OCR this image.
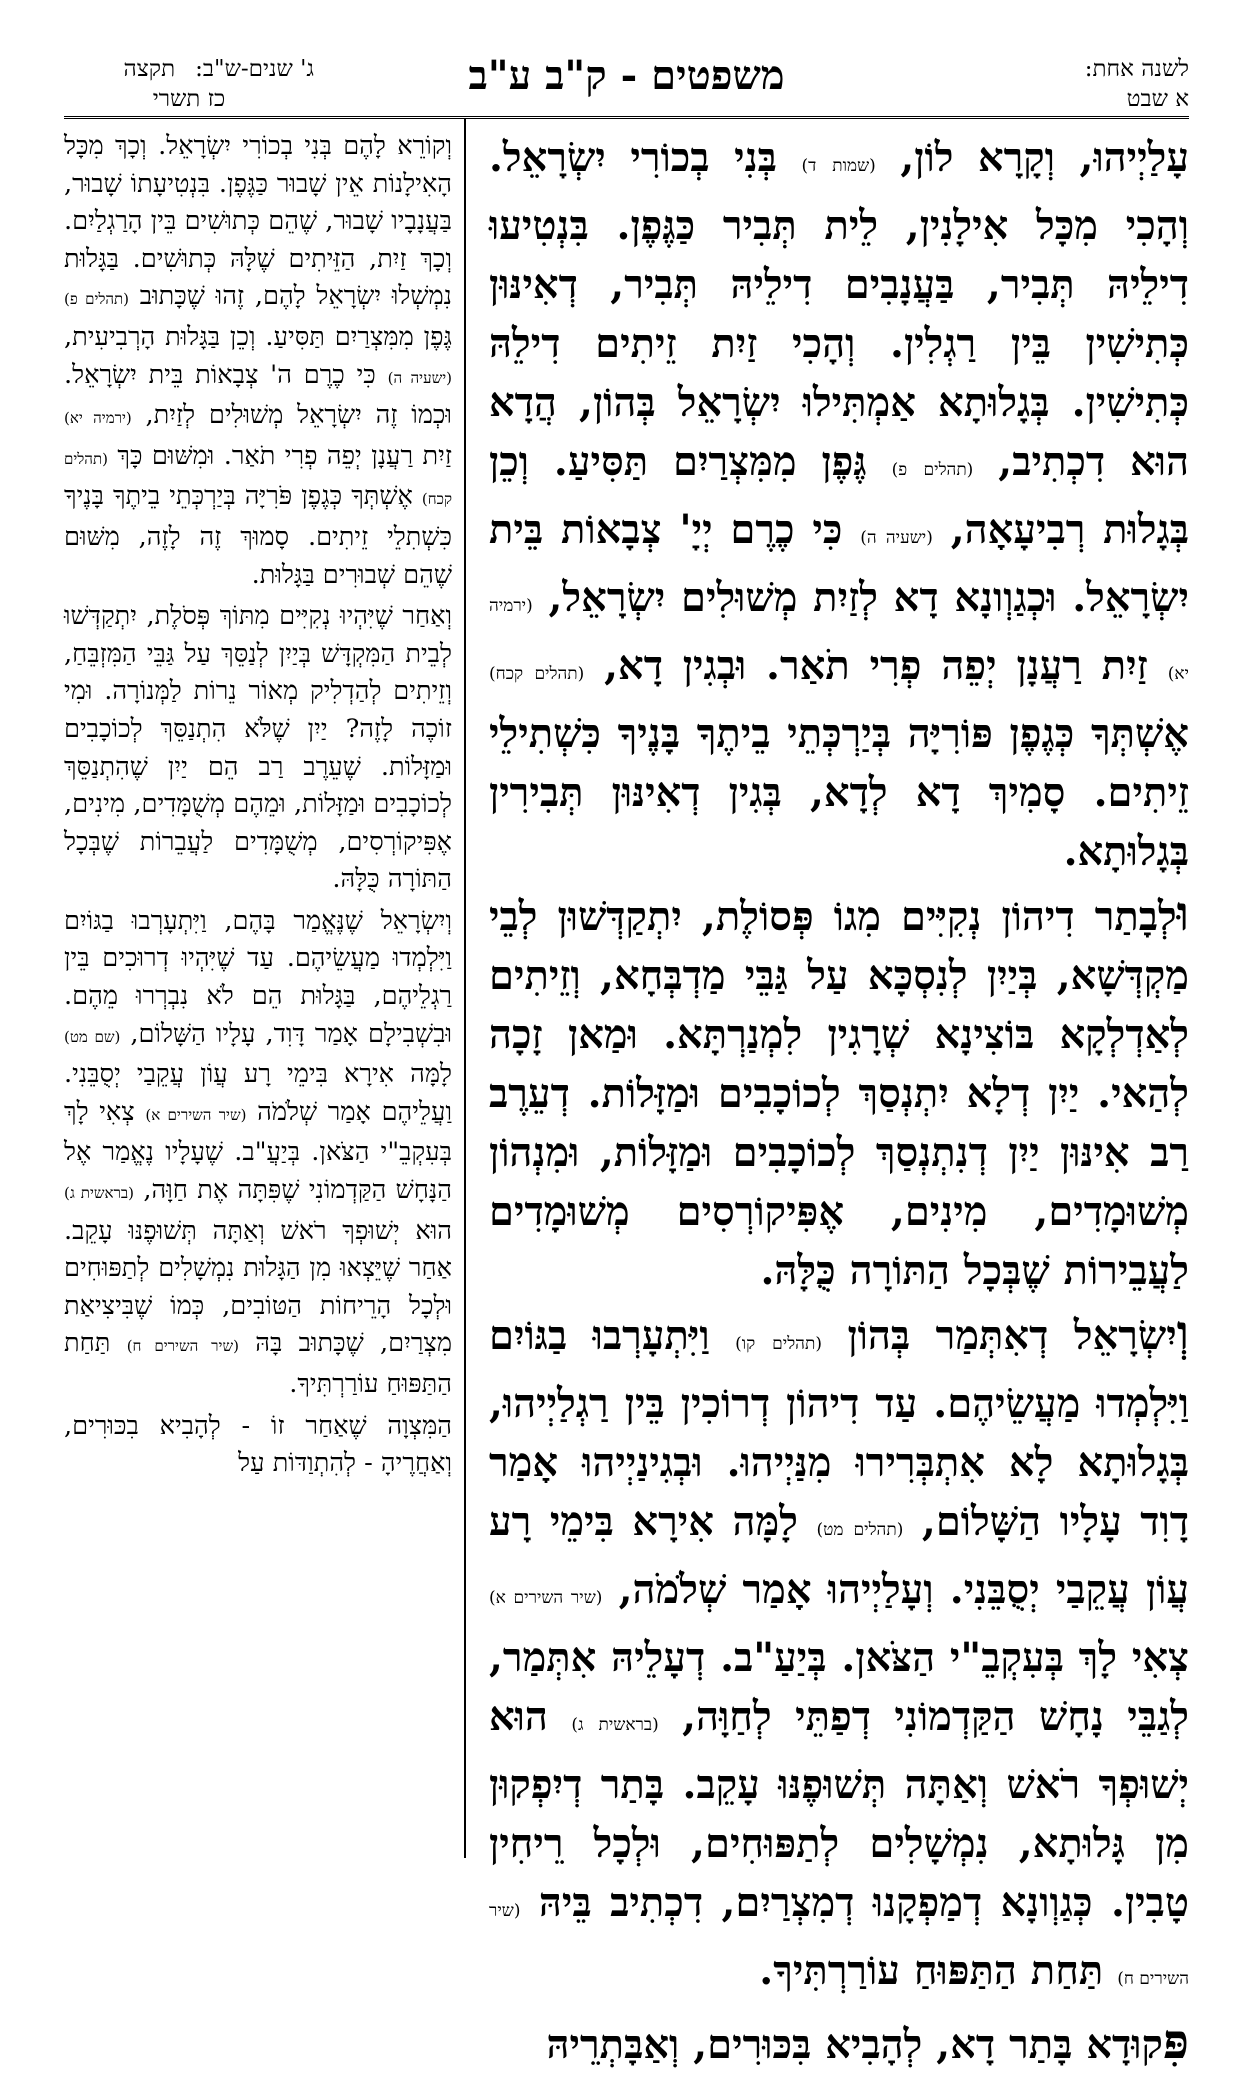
לשנה אחת:
א שבט
משפטים - ק"ב ע"ב
ג' שנים-ש"ב:
תקצה
כז תשרי

עָלַיְיהוּ, וְקָרָא לוֹן, (שמות ד) בְּנִי בְכוֹרִי יִשְׂרָאֵל. וְהָכִי מִכָּל אִילָנִין, לֵית תְּבִיר כַּגֶּפֶן. בִּנְטִיעוּ דִילֵיהּ תְּבִיר, בַּעֲנָבִים דִילֵיהּ תְּבִיר, דְאִינּוּן כְּתִישִׁין בֵּין רַגְלִין. וְהָכִי זַיִת זֵיתִים דִילֵהּ כְּתִישִׁין. בְּגָלוּתָא אַמְתִּילוּ יִשְׂרָאֵל בְּהוֹן, הֲדָא הוּא דִכְתִיב, (תהלים פ) גֶּפֶן מִמִּצְרַיִם תַּסִּיעַ. וְכֵן בְּגָלוּת רְבִיעָאָה, (ישעיה ה) כִּי כֶרֶם יְיָ' צְבָאוֹת בֵּית יִשְׂרָאֵל. וּכְגַוְונָא דָא לְזַיִת מְשׁוּלִים יִשְׂרָאֵל, (ירמיה יא) זַיִת רַעֲנָן יְפֵה פְרִי תֹאַר. וּבְגִין דָא, (תהלים קכח) אֶשְׁתְּךָ כְּגֶפֶן פּוֹרִיָּה בְּיַרְכְּתֵי בֵיתֶךָ בָּנֶיךָ כִּשְׁתִילֵי זֵיתִים. סָמִיךְ דָא לְדָא, בְּגִין דְאִינּוּן תְּבִירִין בְּגָלוּתָא.

וּלְבָתַר דִיהוֹן נְקִיִּים מִגוֹ פְּסוֹלֶת, יִתְקַדְּשׁוּן לְבֵי מַקְדְּשָׁא, בְּיַיִן לְנִסְכָּא עַל גַּבֵּי מַדְבְּחָא, וְזֵיתִים לְאַדְלְקָא בּוֹצִינָא שְׁרָגִין לִמְנַרְתָּא. וּמַאן זָכָה לְהַאי. יַיִן דְלָא יִתְנְסַךְ לְכוֹכָבִים וּמַזָּלוֹת. דְעֵרֶב רַב אִינּוּן יַיִן דְנִתְנְסַךְ לְכוֹכָבִים וּמַזָּלוֹת, וּמִנְהוֹן מְשׁוּמָדִים, מִינִים, אֶפִּיקוֹרְסִים מְשׁוּמָדִים לַעֲבֵירוֹת שֶׁבְּכָל הַתּוֹרָה כֻּלָּהּ.

וְיִשְׂרָאֵל דְאִתְּמַר בְּהוֹן (תהלים קו) וַיִּתְעָרְבוּ בַגּוֹיִם וַיִּלְמְדוּ מַעֲשֵׂיהֶם. עַד דִיהוֹן דְרוֹכִין בֵּין רַגְלַיְיהוּ, בְּגָלוּתָא לָא אִתְבְּרִירוּ מִנַּיְיהוּ. וּבְגִינַיְיהוּ אָמַר דָוִד עָלָיו הַשָּׁלוֹם, (תהלים מט) לָמָּה אִירָא בִּימֵי רָע עֲוֹן עֲקֵבַי יְסֻבֵּנִי. וְעָלַיְיהוּ אָמַר שְׁלֹמֹה, (שיר השירים א) צְאִי לָךְ בְּעִקְבֵ"י הַצֹּאן. בְּיַעַ"ב. דְעָלֵיהּ אִתְּמַר, לְגַבֵּי נָחָשׁ הַקַּדְמוֹנִי דְפַתֵּי לְחַוָּה, (בראשית ג) הוּא יְשׁוּפְךָ רֹאשׁ וְאַתָּה תְּשׁוּפֶנּוּ עָקֵב. בָּתַר דְיִפְקוּן מִן גָּלוּתָא, נִמְשָׁלִים לְתַפּוּחִים, וּלְכָל רֵיחִין טָבִין. כְּגַוְונָא דְמַפְקָנוּ דְמִצְרַיִם, דִכְתִיב בֵּיהּ (שיר השירים ח) תַּחַת הַתַּפּוּחַ עוֹרַרְתִּיךָ.

פִּקוּדָא בָּתַר דָא, לְהָבִיא בִּכּוּרִים, וְאַבָּתְרֵיהּ

וְקוֹרֵא לָהֶם בְּנִי בְכוֹרִי יִשְׂרָאֵל. וְכָךְ מִכָּל הָאִילָנוֹת אֵין שָׁבוּר כַּגֶּפֶן. בִּנְטִיעָתוֹ שָׁבוּר, בַּעֲנָבָיו שָׁבוּר, שֶׁהֵם כְּתוּשִׁים בֵּין הָרַגְלַיִם. וְכָךְ זַיִת, הַזֵּיתִים שֶׁלָּהּ כְּתוּשִׁים. בַּגָּלוּת נִמְשְׁלוּ יִשְׂרָאֵל לָהֶם, זֶהוּ שֶׁכָּתוּב (תהלים פ) גֶּפֶן מִמִּצְרַיִם תַּסִּיעַ. וְכֵן בַּגָּלוּת הָרְבִיעִית, (ישעיה ה) כִּי כֶרֶם ה' צְבָאוֹת בֵּית יִשְׂרָאֵל. וּכְמוֹ זֶה יִשְׂרָאֵל מְשׁוּלִים לְזַיִת, (ירמיה יא) זַיִת רַעֲנָן יְפֵה פְרִי תֹאַר. וּמִשּׁוּם כָּךְ (תהלים קכח) אֶשְׁתְּךָ כְּגֶפֶן פֹּרִיָּה בְּיַרְכְּתֵי בֵיתֶךָ בָּנֶיךָ כִּשְׁתִלֵי זֵיתִים. סָמוּךְ זֶה לָזֶה, מִשּׁוּם שֶׁהֵם שְׁבוּרִים בַּגָּלוּת.

וְאַחַר שֶׁיִּהְיוּ נְקִיִּים מִתּוֹךְ פְּסֹלֶת, יִתְקַדְּשׁוּ לְבֵית הַמִּקְדָּשׁ בְּיַיִן לְנַסֵּךְ עַל גַּבֵּי הַמִּזְבֵּחַ, וְזֵיתִים לְהַדְלִיק מְאוֹר נֵרוֹת לַמְּנוֹרָה. וּמִי זוֹכֶה לָזֶה? יַיִן שֶׁלֹּא הִתְנַסֵּךְ לְכוֹכָבִים וּמַזָּלוֹת. שֶׁעֵרֶב רַב הֵם יַיִן שֶׁהִתְנַסֵּךְ לְכוֹכָבִים וּמַזָּלוֹת, וּמֵהֶם מְשֻׁמָּדִים, מִינִים, אֶפִּיקוֹרְסִים, מְשֻׁמָּדִים לַעֲבֵרוֹת שֶׁבְּכָל הַתּוֹרָה כֻּלָּהּ.

וְיִשְׂרָאֵל שֶׁנֶּאֱמַר בָּהֶם, וַיִּתְעָרְבוּ בַגּוֹיִם וַיִּלְמְדוּ מַעֲשֵׂיהֶם. עַד שֶׁיִּהְיוּ דְרוּכִים בֵּין רַגְלֵיהֶם, בַּגָּלוּת הֵם לֹא נִבְרְרוּ מֵהֶם. וּבִשְׁבִילָם אָמַר דָּוִד, עָלָיו הַשָּׁלוֹם, (שם מט) לָמָּה אִירָא בִּימֵי רָע עֲוֹן עֲקֵבַי יְסֻבֵּנִי. וַעֲלֵיהֶם אָמַר שְׁלֹמֹה (שיר השירים א) צְאִי לָךְ בְּעִקְבֵ"י הַצֹּאן. בְּיַעֲ"ב. שֶׁעָלָיו נֶאֱמַר אֶל הַנָּחָשׁ הַקַּדְמוֹנִי שֶׁפִּתָּה אֶת חַוָּה, (בראשית ג) הוּא יְשׁוּפְךָ רֹאשׁ וְאַתָּה תְּשׁוּפֶנּוּ עָקֵב. אַחַר שֶׁיֵּצְאוּ מִן הַגָּלוּת נִמְשָׁלִים לְתַפּוּחִים וּלְכָל הָרֵיחוֹת הַטּוֹבִים, כְּמוֹ שֶׁבִּיצִיאַת מִצְרַיִם, שֶׁכָּתוּב בָּהּ (שיר השירים ח) תַּחַת הַתַּפּוּחַ עוֹרַרְתִּיךָ.

הַמִּצְוָה שֶׁאַחַר זוֹ - לְהָבִיא בִכּוּרִים, וְאַחֲרֶיהָ - לְהִתְוַדּוֹת עַל
